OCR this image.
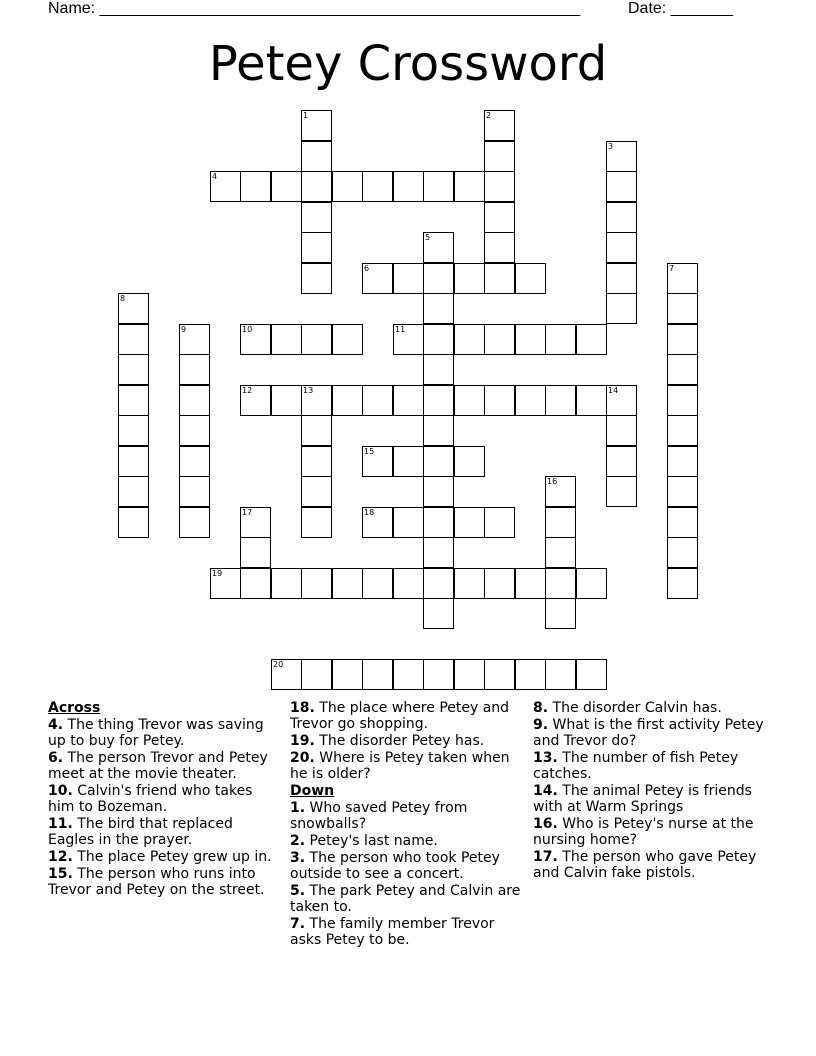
Name: ______________________________________________________	Date: _______
Petey Crossword
1	2
3
4
5
6	7
8
9	10	11
12	13	14
15
16
17	18
19
20
Across
4. The thing Trevor was saving up to buy for Petey.
6. The person Trevor and Petey meet at the movie theater.
10. Calvin's friend who takes him to Bozeman.
11. The bird that replaced Eagles in the prayer.
12. The place Petey grew up in.
15. The person who runs into Trevor and Petey on the street.
18. The place where Petey and Trevor go shopping.
19. The disorder Petey has.
20. Where is Petey taken when he is older?
Down
1. Who saved Petey from snowballs?
2. Petey's last name.
3. The person who took Petey outside to see a concert.
5. The park Petey and Calvin are taken to.
7. The family member Trevor asks Petey to be.
8. The disorder Calvin has.
9. What is the first activity Petey and Trevor do?
13. The number of fish Petey catches.
14. The animal Petey is friends with at Warm Springs
16. Who is Petey's nurse at the nursing home?
17. The person who gave Petey and Calvin fake pistols.
